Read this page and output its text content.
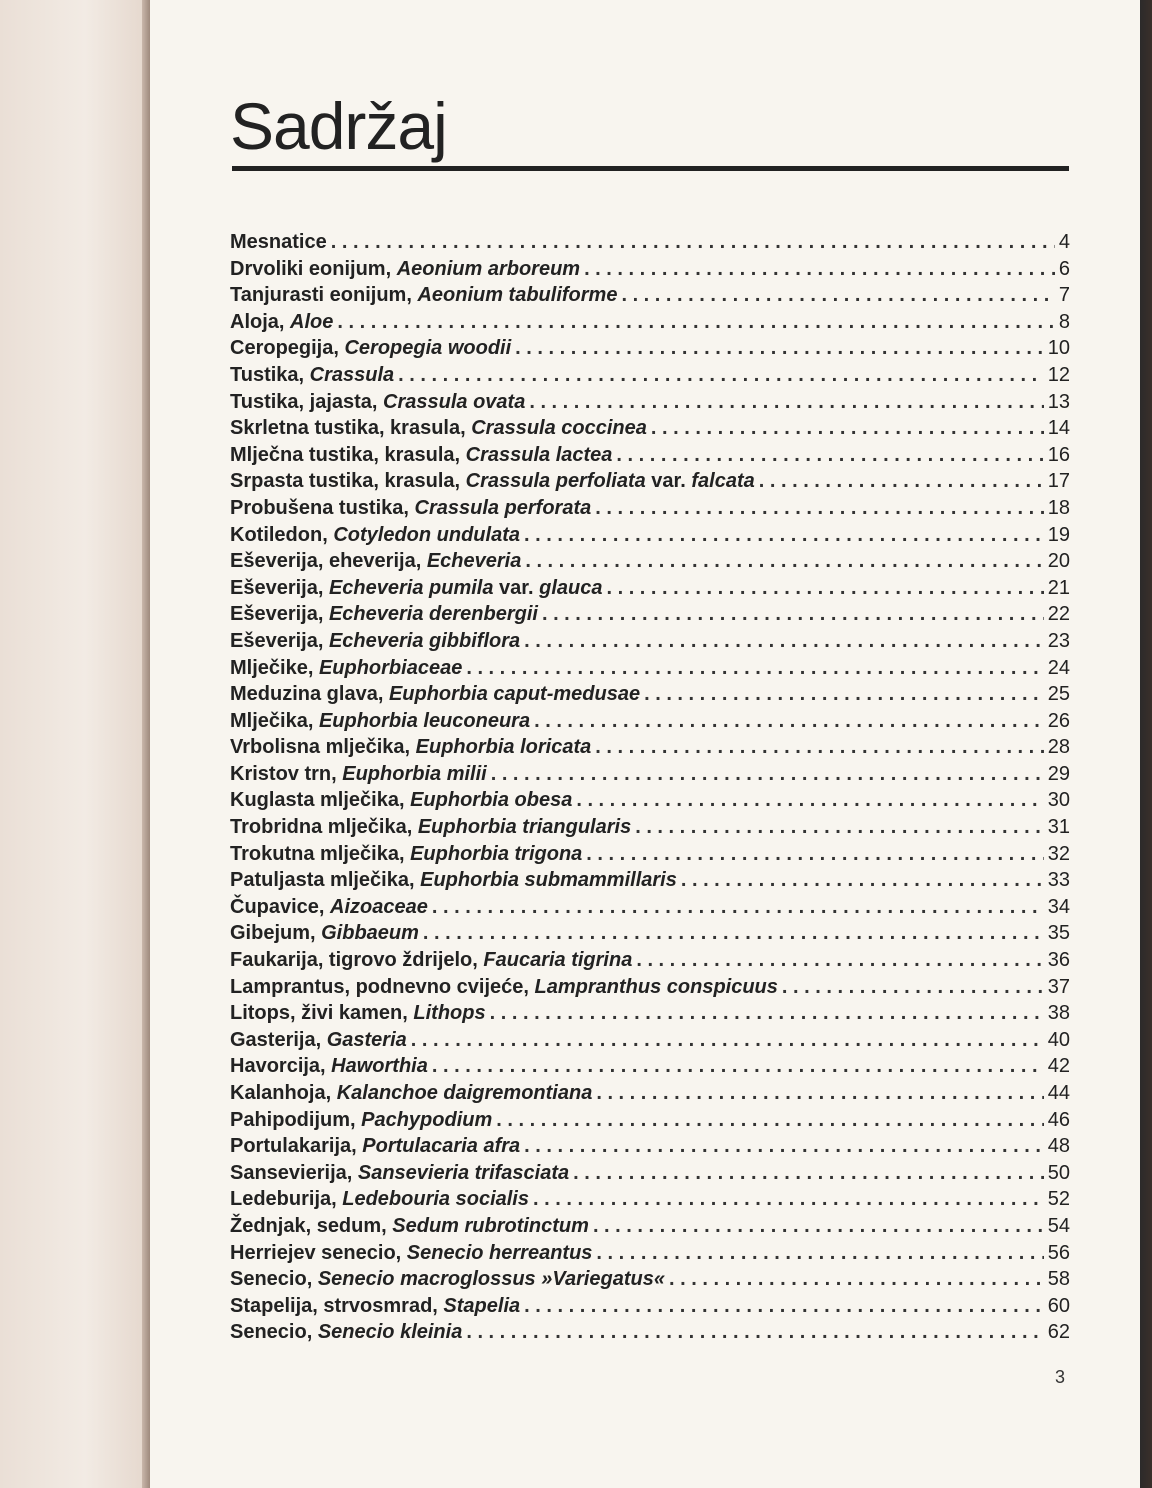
Sadržaj
Mesnatice . . .	4
Drvoliki eonijum, Aeonium arboreum . . .	6
Tanjurasti eonijum, Aeonium tabuliforme . . .	7
Aloja, Aloe . . .	8
Ceropegija, Ceropegia woodii . . .	10
Tustika, Crassula . . .	12
Tustika, jajasta, Crassula ovata . . .	13
Skrletna tustika, krasula, Crassula coccinea . . .	14
Mlječna tustika, krasula, Crassula lactea . . .	16
Srpasta tustika, krasula, Crassula perfoliata var. falcata . . .	17
Probušena tustika, Crassula perforata . . .	18
Kotiledon, Cotyledon undulata . . .	19
Eševerija, eheverija, Echeveria . . .	20
Eševerija, Echeveria pumila var. glauca . . .	21
Eševerija, Echeveria derenbergii . . .	22
Eševerija, Echeveria gibbiflora . . .	23
Mlječike, Euphorbiaceae . . .	24
Meduzina glava, Euphorbia caput-medusae . . .	25
Mlječika, Euphorbia leuconeura . . .	26
Vrbolisna mlječika, Euphorbia loricata . . .	28
Kristov trn, Euphorbia milii . . .	29
Kuglasta mlječika, Euphorbia obesa . . .	30
Trobridna mlječika, Euphorbia triangularis . . .	31
Trokutna mlječika, Euphorbia trigona . . .	32
Patuljasta mlječika, Euphorbia submammillaris . . .	33
Čupavice, Aizoaceae . . .	34
Gibejum, Gibbaeum . . .	35
Faukarija, tigrovo ždrijelo, Faucaria tigrina . . .	36
Lamprantus, podnevno cvijeće, Lampranthus conspicuus . . .	37
Litops, živi kamen, Lithops . . .	38
Gasterija, Gasteria . . .	40
Havorcija, Haworthia . . .	42
Kalanhoja, Kalanchoe daigremontiana . . .	44
Pahipodijum, Pachypodium . . .	46
Portulakarija, Portulacaria afra . . .	48
Sansevierija, Sansevieria trifasciata . . .	50
Ledeburija, Ledebouria socialis . . .	52
Žednjak, sedum, Sedum rubrotinctum . . .	54
Herriejev senecio, Senecio herreantus . . .	56
Senecio, Senecio macroglossus »Variegatus« . . .	58
Stapelija, strvosmrad, Stapelia . . .	60
Senecio, Senecio kleinia . . .	62
3
